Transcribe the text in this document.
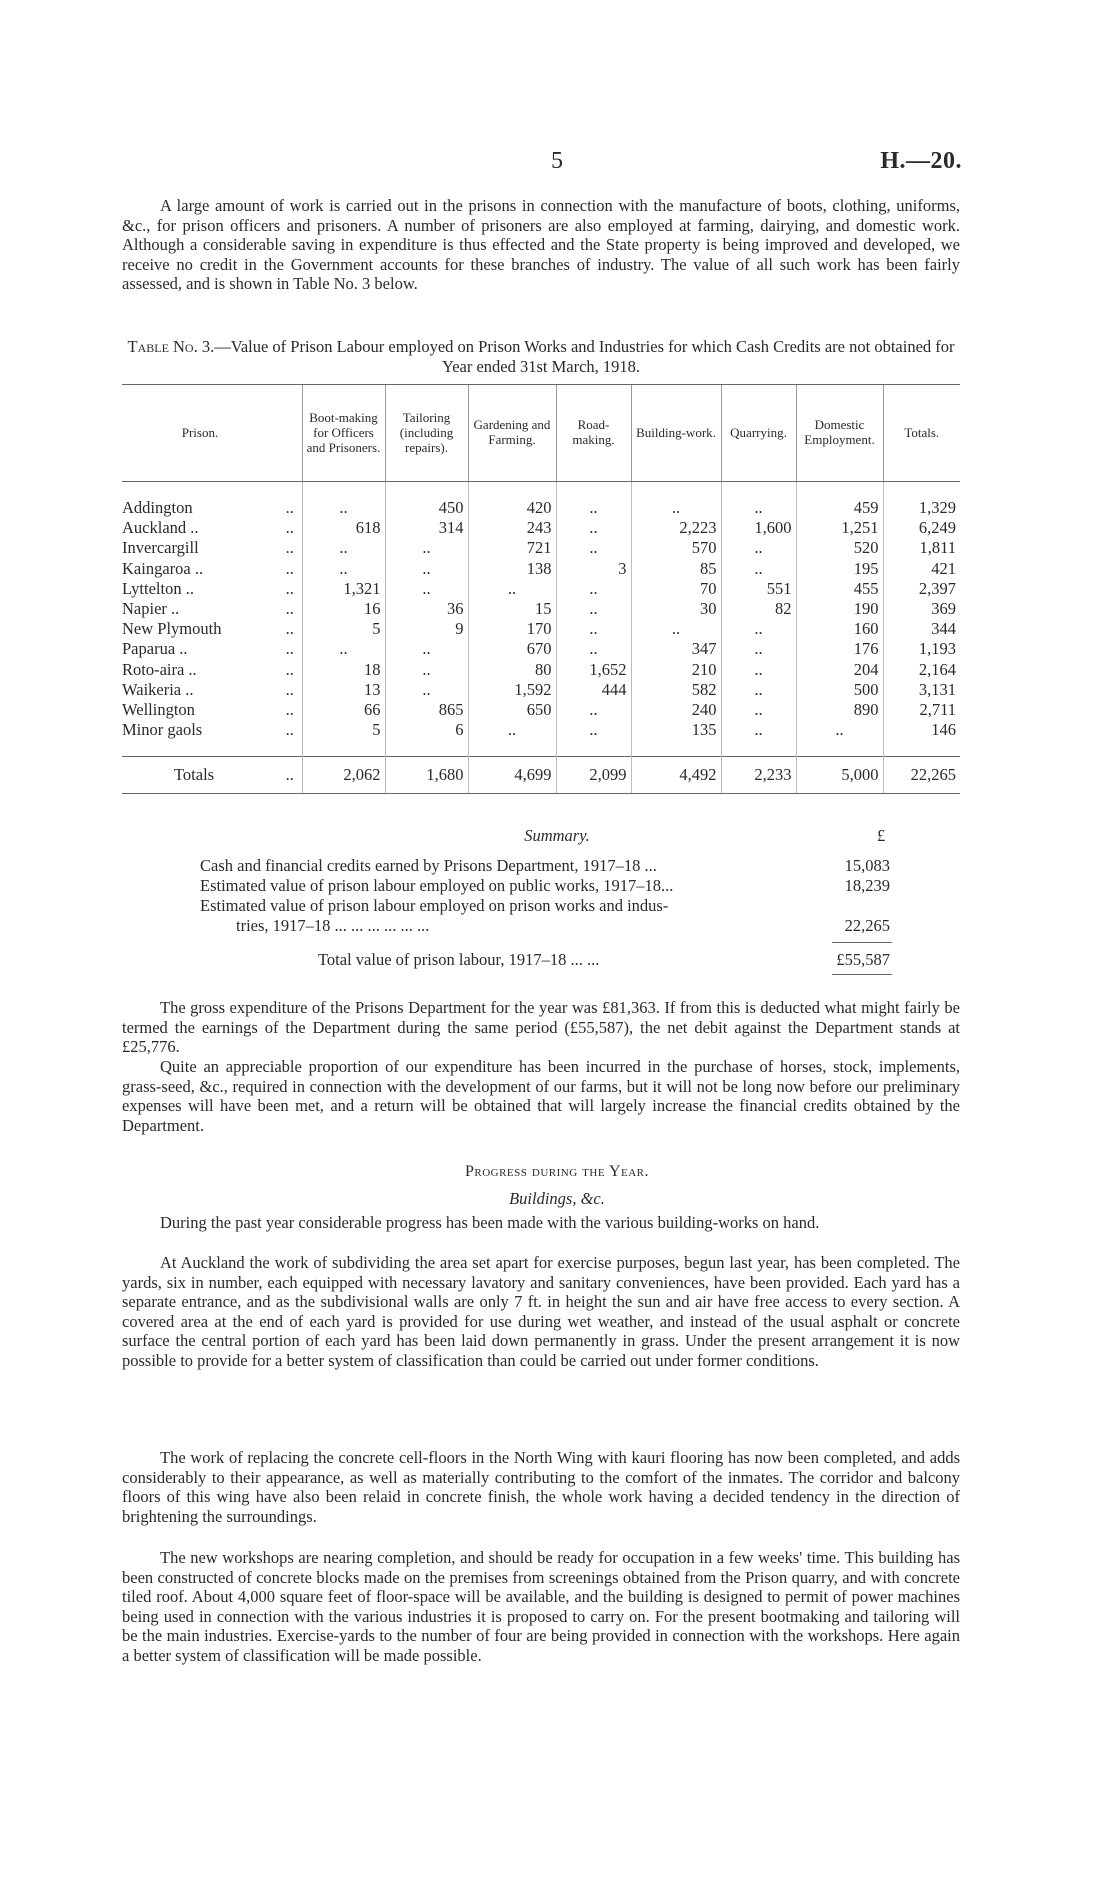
5	H.—20.

A large amount of work is carried out in the prisons in connection with the manufacture of boots, clothing, uniforms, &c., for prison officers and prisoners. A number of prisoners are also employed at farming, dairying, and domestic work. Although a considerable saving in expenditure is thus effected and the State property is being improved and developed, we receive no credit in the Government accounts for these branches of industry. The value of all such work has been fairly assessed, and is shown in Table No. 3 below.

Table No. 3.—Value of Prison Labour employed on Prison Works and Industries for which Cash Credits are not obtained for Year ended 31st March, 1918.
Prison.		Boot-making for Officers and Prisoners.	Tailoring (including repairs).	Gardening and Farming.	Road-making.	Building-work.	Quarrying.	Domestic Employment.	Totals.

Addington	..	..	450	420	..	..	..	459	1,329
Auckland ..	..	618	314	243	..	2,223	1,600	1,251	6,249
Invercargill	..	..	..	721	..	570	..	520	1,811
Kaingaroa ..	..	..	..	138	3	85	..	195	421
Lyttelton ..	..	1,321	..	..	..	70	551	455	2,397
Napier ..	..	16	36	15	..	30	82	190	369
New Plymouth	..	5	9	170	..	..	..	160	344
Paparua ..	..	..	..	670	..	347	..	176	1,193
Roto-aira ..	..	18	..	80	1,652	210	..	204	2,164
Waikeria ..	..	13	..	1,592	444	582	..	500	3,131
Wellington	..	66	865	650	..	240	..	890	2,711
Minor gaols	..	5	6	..	..	135	..	..	146

Totals	..	2,062	1,680	4,699	2,099	4,492	2,233	5,000	22,265
Summary.	£
Cash and financial credits earned by Prisons Department, 1917–18 ...	15,083
Estimated value of prison labour employed on public works, 1917–18...	18,239
Estimated value of prison labour employed on prison works and indus-
tries, 1917–18 ... ... ... ... ... ...	22,265
Total value of prison labour, 1917–18 ... ...	£55,587

The gross expenditure of the Prisons Department for the year was £81,363. If from this is deducted what might fairly be termed the earnings of the Department during the same period (£55,587), the net debit against the Department stands at £25,776.

Quite an appreciable proportion of our expenditure has been incurred in the purchase of horses, stock, implements, grass-seed, &c., required in connection with the development of our farms, but it will not be long now before our preliminary expenses will have been met, and a return will be obtained that will largely increase the financial credits obtained by the Department.

Progress during the Year.
Buildings, &c.

During the past year considerable progress has been made with the various building-works on hand.

At Auckland the work of subdividing the area set apart for exercise purposes, begun last year, has been completed. The yards, six in number, each equipped with necessary lavatory and sanitary conveniences, have been provided. Each yard has a separate entrance, and as the subdivisional walls are only 7 ft. in height the sun and air have free access to every section. A covered area at the end of each yard is provided for use during wet weather, and instead of the usual asphalt or concrete surface the central portion of each yard has been laid down permanently in grass. Under the present arrangement it is now possible to provide for a better system of classification than could be carried out under former conditions.

The work of replacing the concrete cell-floors in the North Wing with kauri flooring has now been completed, and adds considerably to their appearance, as well as materially contributing to the comfort of the inmates. The corridor and balcony floors of this wing have also been relaid in concrete finish, the whole work having a decided tendency in the direction of brightening the surroundings.

The new workshops are nearing completion, and should be ready for occupation in a few weeks' time. This building has been constructed of concrete blocks made on the premises from screenings obtained from the Prison quarry, and with concrete tiled roof. About 4,000 square feet of floor-space will be available, and the building is designed to permit of power machines being used in connection with the various industries it is proposed to carry on. For the present bootmaking and tailoring will be the main industries. Exercise-yards to the number of four are being provided in connection with the workshops. Here again a better system of classification will be made possible.
